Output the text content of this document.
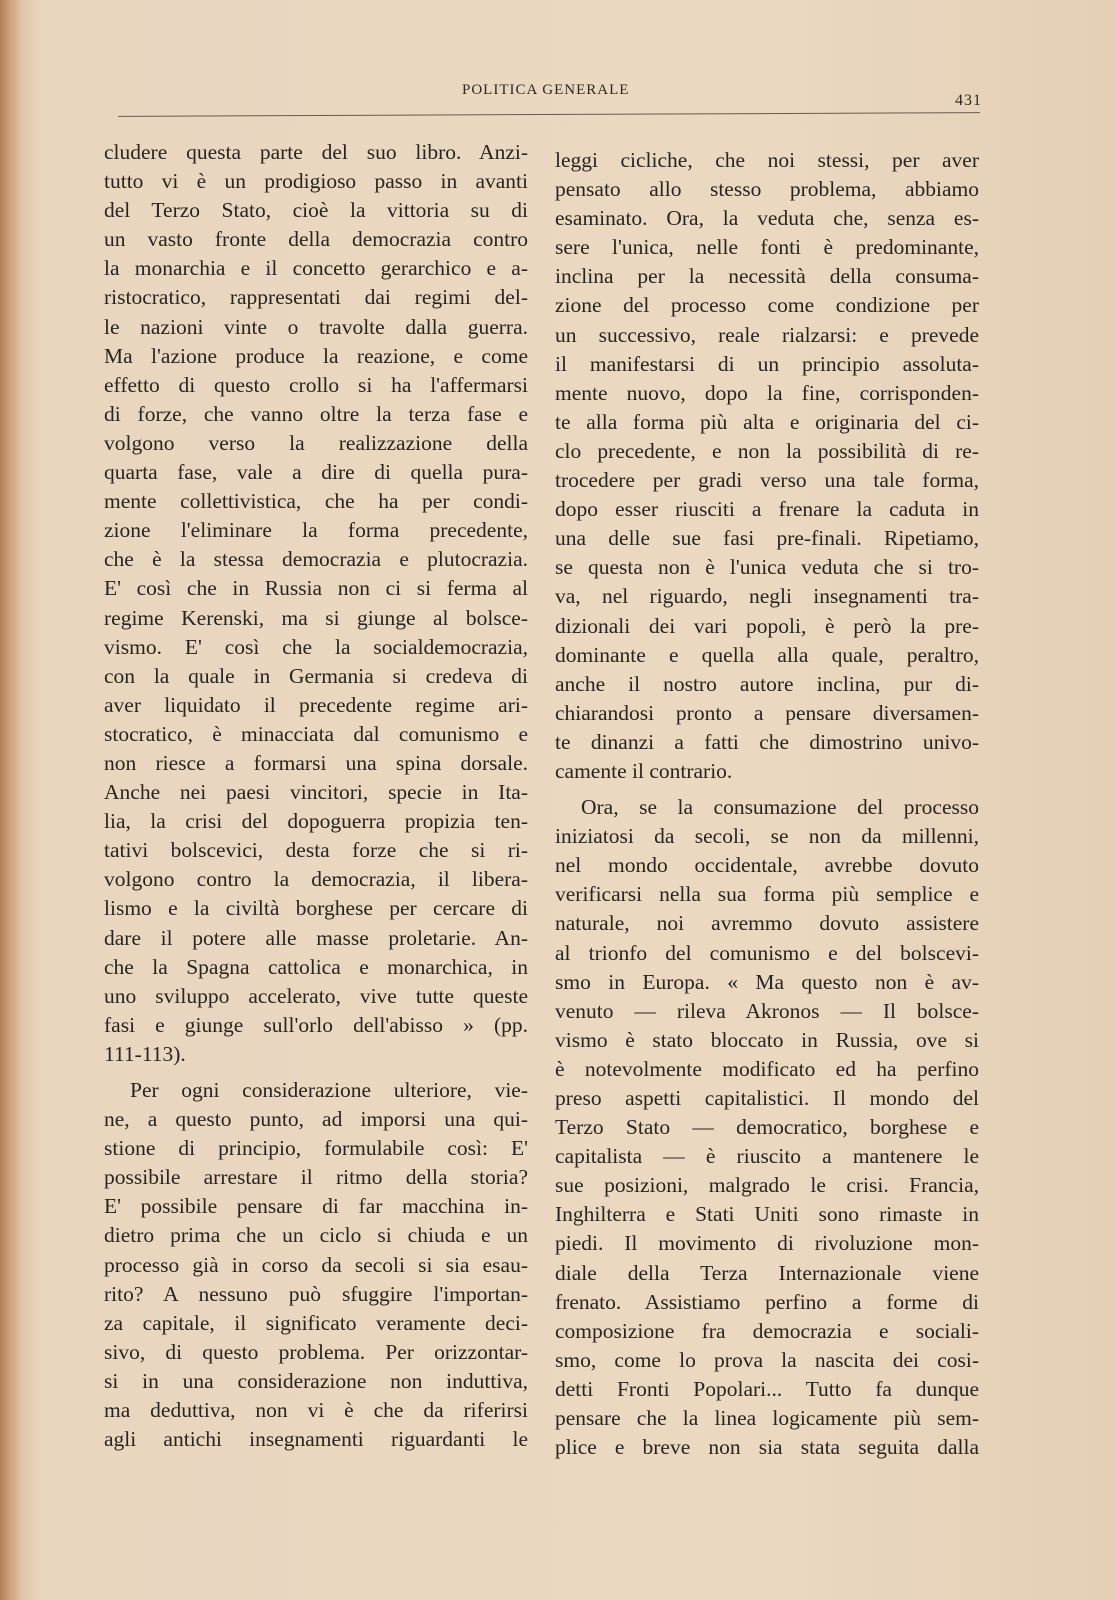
POLITICA GENERALE
431
cludere questa parte del suo libro. Anzi-
tutto vi è un prodigioso passo in avanti
del Terzo Stato, cioè la vittoria su di
un vasto fronte della democrazia contro
la monarchia e il concetto gerarchico e a-
ristocratico, rappresentati dai regimi del-
le nazioni vinte o travolte dalla guerra.
Ma l'azione produce la reazione, e come
effetto di questo crollo si ha l'affermarsi
di forze, che vanno oltre la terza fase e
volgono verso la realizzazione della
quarta fase, vale a dire di quella pura-
mente collettivistica, che ha per condi-
zione l'eliminare la forma precedente,
che è la stessa democrazia e plutocrazia.
E' così che in Russia non ci si ferma al
regime Kerenski, ma si giunge al bolsce-
vismo. E' così che la socialdemocrazia,
con la quale in Germania si credeva di
aver liquidato il precedente regime ari-
stocratico, è minacciata dal comunismo e
non riesce a formarsi una spina dorsale.
Anche nei paesi vincitori, specie in Ita-
lia, la crisi del dopoguerra propizia ten-
tativi bolscevici, desta forze che si ri-
volgono contro la democrazia, il libera-
lismo e la civiltà borghese per cercare di
dare il potere alle masse proletarie. An-
che la Spagna cattolica e monarchica, in
uno sviluppo accelerato, vive tutte queste
fasi e giunge sull'orlo dell'abisso » (pp.
111-113).
Per ogni considerazione ulteriore, vie-
ne, a questo punto, ad imporsi una qui-
stione di principio, formulabile così: E'
possibile arrestare il ritmo della storia?
E' possibile pensare di far macchina in-
dietro prima che un ciclo si chiuda e un
processo già in corso da secoli si sia esau-
rito? A nessuno può sfuggire l'importan-
za capitale, il significato veramente deci-
sivo, di questo problema. Per orizzontar-
si in una considerazione non induttiva,
ma deduttiva, non vi è che da riferirsi
agli antichi insegnamenti riguardanti le
leggi cicliche, che noi stessi, per aver
pensato allo stesso problema, abbiamo
esaminato. Ora, la veduta che, senza es-
sere l'unica, nelle fonti è predominante,
inclina per la necessità della consuma-
zione del processo come condizione per
un successivo, reale rialzarsi: e prevede
il manifestarsi di un principio assoluta-
mente nuovo, dopo la fine, corrisponden-
te alla forma più alta e originaria del ci-
clo precedente, e non la possibilità di re-
trocedere per gradi verso una tale forma,
dopo esser riusciti a frenare la caduta in
una delle sue fasi pre-finali. Ripetiamo,
se questa non è l'unica veduta che si tro-
va, nel riguardo, negli insegnamenti tra-
dizionali dei vari popoli, è però la pre-
dominante e quella alla quale, peraltro,
anche il nostro autore inclina, pur di-
chiarandosi pronto a pensare diversamen-
te dinanzi a fatti che dimostrino univo-
camente il contrario.
Ora, se la consumazione del processo
iniziatosi da secoli, se non da millenni,
nel mondo occidentale, avrebbe dovuto
verificarsi nella sua forma più semplice e
naturale, noi avremmo dovuto assistere
al trionfo del comunismo e del bolscevi-
smo in Europa. « Ma questo non è av-
venuto — rileva Akronos — Il bolsce-
vismo è stato bloccato in Russia, ove si
è notevolmente modificato ed ha perfino
preso aspetti capitalistici. Il mondo del
Terzo Stato — democratico, borghese e
capitalista — è riuscito a mantenere le
sue posizioni, malgrado le crisi. Francia,
Inghilterra e Stati Uniti sono rimaste in
piedi. Il movimento di rivoluzione mon-
diale della Terza Internazionale viene
frenato. Assistiamo perfino a forme di
composizione fra democrazia e sociali-
smo, come lo prova la nascita dei cosi-
detti Fronti Popolari... Tutto fa dunque
pensare che la linea logicamente più sem-
plice e breve non sia stata seguita dalla
